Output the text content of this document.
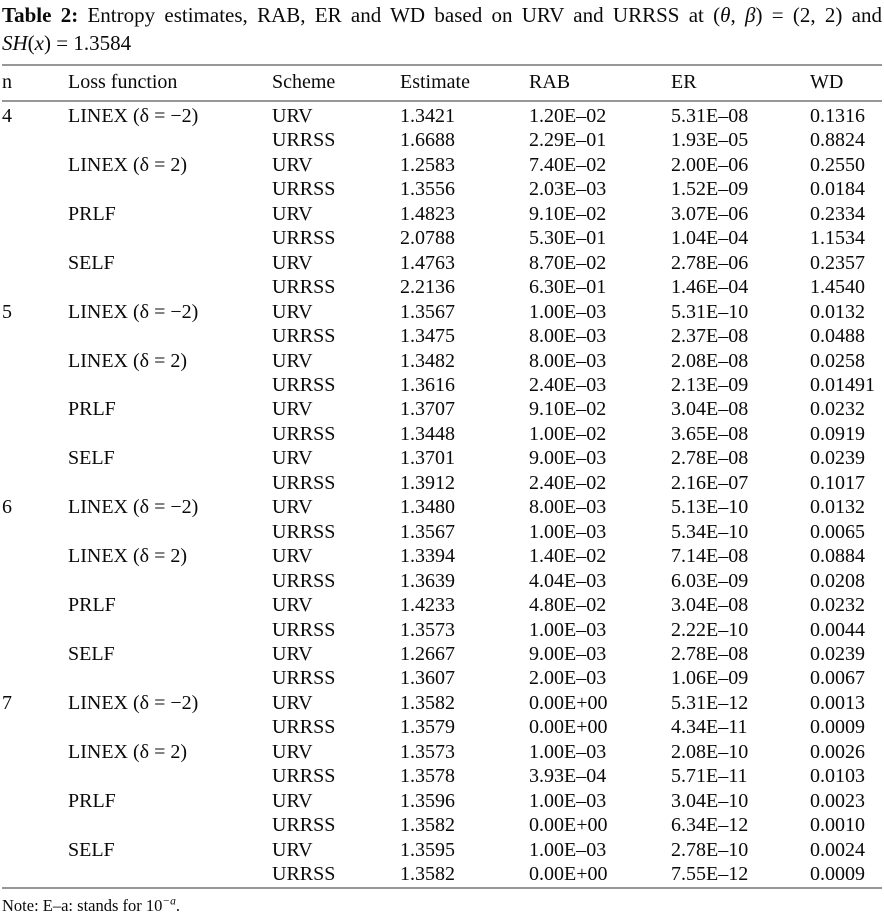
Table 2: Entropy estimates, RAB, ER and WD based on URV and URRSS at (θ, β) = (2, 2) and
SH(x) = 1.3584
n	Loss function	Scheme	Estimate	RAB	ER	WD
4	LINEX (δ = −2)	URV	1.3421	1.20E–02	5.31E–08	0.1316
		URRSS	1.6688	2.29E–01	1.93E–05	0.8824
	LINEX (δ = 2)	URV	1.2583	7.40E–02	2.00E–06	0.2550
		URRSS	1.3556	2.03E–03	1.52E–09	0.0184
	PRLF	URV	1.4823	9.10E–02	3.07E–06	0.2334
		URRSS	2.0788	5.30E–01	1.04E–04	1.1534
	SELF	URV	1.4763	8.70E–02	2.78E–06	0.2357
		URRSS	2.2136	6.30E–01	1.46E–04	1.4540
5	LINEX (δ = −2)	URV	1.3567	1.00E–03	5.31E–10	0.0132
		URRSS	1.3475	8.00E–03	2.37E–08	0.0488
	LINEX (δ = 2)	URV	1.3482	8.00E–03	2.08E–08	0.0258
		URRSS	1.3616	2.40E–03	2.13E–09	0.01491
	PRLF	URV	1.3707	9.10E–02	3.04E–08	0.0232
		URRSS	1.3448	1.00E–02	3.65E–08	0.0919
	SELF	URV	1.3701	9.00E–03	2.78E–08	0.0239
		URRSS	1.3912	2.40E–02	2.16E–07	0.1017
6	LINEX (δ = −2)	URV	1.3480	8.00E–03	5.13E–10	0.0132
		URRSS	1.3567	1.00E–03	5.34E–10	0.0065
	LINEX (δ = 2)	URV	1.3394	1.40E–02	7.14E–08	0.0884
		URRSS	1.3639	4.04E–03	6.03E–09	0.0208
	PRLF	URV	1.4233	4.80E–02	3.04E–08	0.0232
		URRSS	1.3573	1.00E–03	2.22E–10	0.0044
	SELF	URV	1.2667	9.00E–03	2.78E–08	0.0239
		URRSS	1.3607	2.00E–03	1.06E–09	0.0067
7	LINEX (δ = −2)	URV	1.3582	0.00E+00	5.31E–12	0.0013
		URRSS	1.3579	0.00E+00	4.34E–11	0.0009
	LINEX (δ = 2)	URV	1.3573	1.00E–03	2.08E–10	0.0026
		URRSS	1.3578	3.93E–04	5.71E–11	0.0103
	PRLF	URV	1.3596	1.00E–03	3.04E–10	0.0023
		URRSS	1.3582	0.00E+00	6.34E–12	0.0010
	SELF	URV	1.3595	1.00E–03	2.78E–10	0.0024
		URRSS	1.3582	0.00E+00	7.55E–12	0.0009
Note: E–a: stands for $10^{-a}$.
